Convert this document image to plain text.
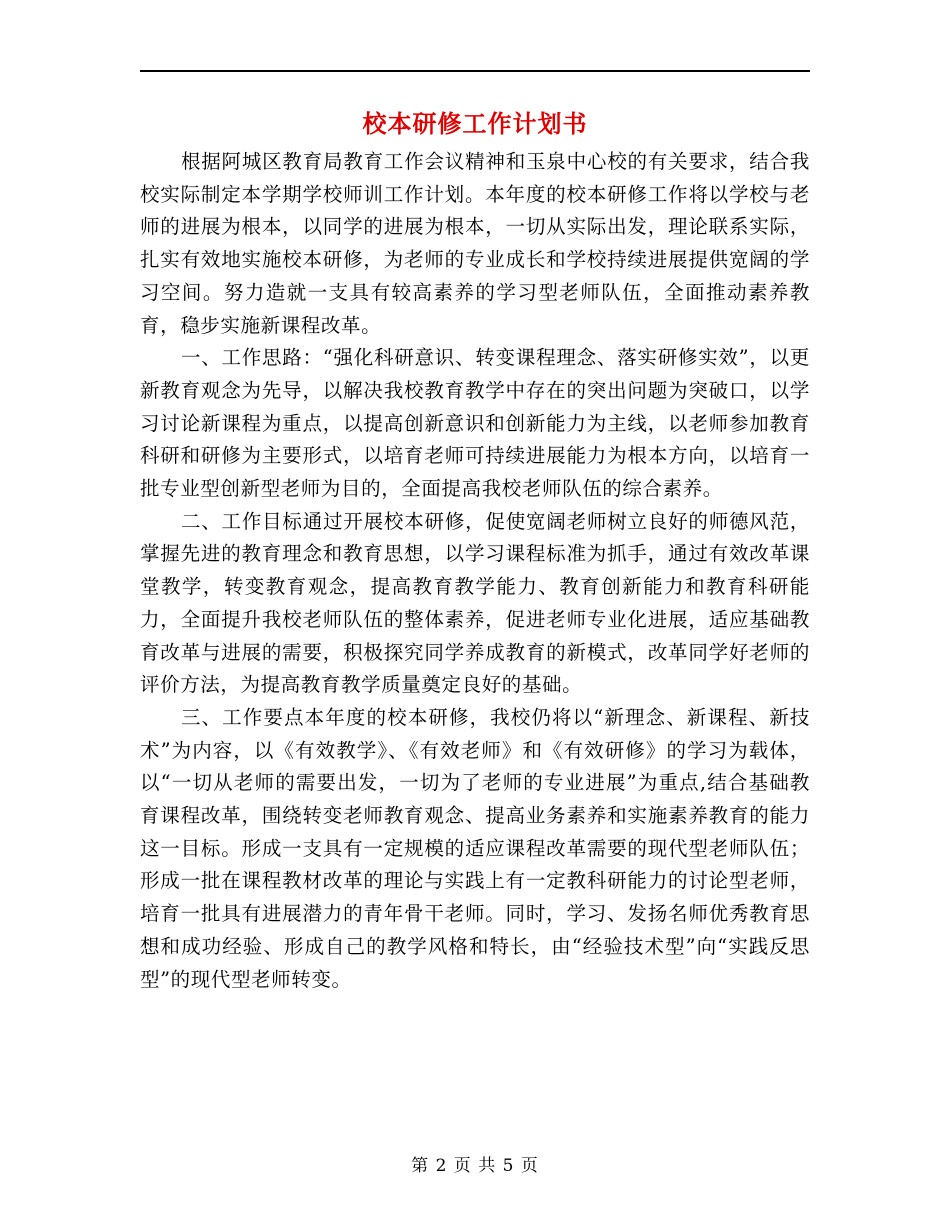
校本研修工作计划书

根据阿城区教育局教育工作会议精神和玉泉中心校的有关要求，结合我校实际制定本学期学校师训工作计划。本年度的校本研修工作将以学校与老师的进展为根本，以同学的进展为根本，一切从实际出发，理论联系实际，扎实有效地实施校本研修，为老师的专业成长和学校持续进展提供宽阔的学习空间。努力造就一支具有较高素养的学习型老师队伍，全面推动素养教育，稳步实施新课程改革。

一、工作思路：“强化科研意识、转变课程理念、落实研修实效”，以更新教育观念为先导，以解决我校教育教学中存在的突出问题为突破口，以学习讨论新课程为重点，以提高创新意识和创新能力为主线，以老师参加教育科研和研修为主要形式，以培育老师可持续进展能力为根本方向，以培育一批专业型创新型老师为目的，全面提高我校老师队伍的综合素养。

二、工作目标通过开展校本研修，促使宽阔老师树立良好的师德风范，掌握先进的教育理念和教育思想，以学习课程标准为抓手，通过有效改革课堂教学，转变教育观念，提高教育教学能力、教育创新能力和教育科研能力，全面提升我校老师队伍的整体素养，促进老师专业化进展，适应基础教育改革与进展的需要，积极探究同学养成教育的新模式，改革同学好老师的评价方法，为提高教育教学质量奠定良好的基础。

三、工作要点本年度的校本研修，我校仍将以“新理念、新课程、新技术”为内容，以《有效教学》、《有效老师》和《有效研修》的学习为载体，以“一切从老师的需要出发，一切为了老师的专业进展”为重点,结合基础教育课程改革，围绕转变老师教育观念、提高业务素养和实施素养教育的能力这一目标。形成一支具有一定规模的适应课程改革需要的现代型老师队伍；形成一批在课程教材改革的理论与实践上有一定教科研能力的讨论型老师，培育一批具有进展潜力的青年骨干老师。同时，学习、发扬名师优秀教育思想和成功经验、形成自己的教学风格和特长，由“经验技术型”向“实践反思型”的现代型老师转变。

第 2 页 共 5 页
